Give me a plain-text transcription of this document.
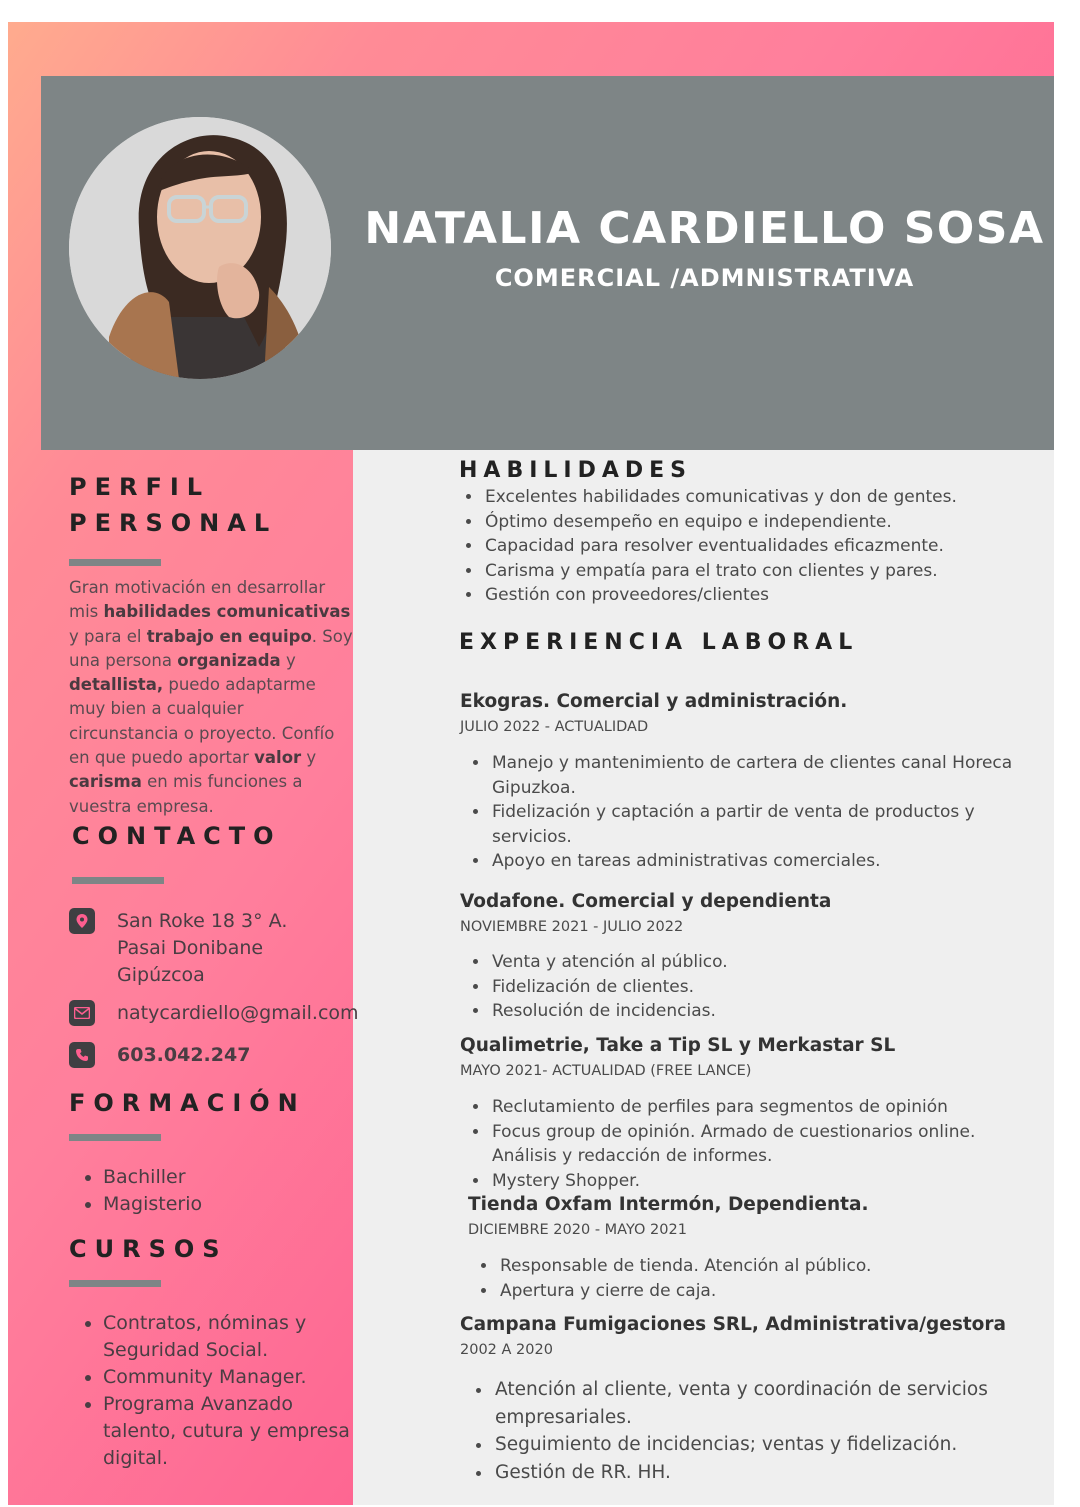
NATALIA CARDIELLO SOSA
COMERCIAL /ADMNISTRATIVA
PERFIL
PERSONAL
Gran motivación en desarrollar mis habilidades comunicativas y para el trabajo en equipo. Soy una persona organizada y detallista, puedo adaptarme muy bien a cualquier circunstancia o proyecto. Confío en que puedo aportar valor y carisma en mis funciones a vuestra empresa.
CONTACTO
San Roke 18 3° A.
Pasai Donibane
Gipúzcoa
natycardiello@gmail.com
603.042.247
FORMACIÓN
• Bachiller
• Magisterio
CURSOS
• Contratos, nóminas y Seguridad Social.
• Community Manager.
• Programa Avanzado talento, cutura y empresa digital.
HABILIDADES
• Excelentes habilidades comunicativas y don de gentes.
• Óptimo desempeño en equipo e independiente.
• Capacidad para resolver eventualidades eficazmente.
• Carisma y empatía para el trato con clientes y pares.
• Gestión con proveedores/clientes
EXPERIENCIA LABORAL
Ekogras. Comercial y administración.
JULIO 2022 - ACTUALIDAD
• Manejo y mantenimiento de cartera de clientes canal Horeca Gipuzkoa.
• Fidelización y captación a partir de venta de productos y servicios.
• Apoyo en tareas administrativas comerciales.
Vodafone. Comercial y dependienta
NOVIEMBRE 2021 - JULIO 2022
• Venta y atención al público.
• Fidelización de clientes.
• Resolución de incidencias.
Qualimetrie, Take a Tip SL y Merkastar SL
MAYO 2021- ACTUALIDAD (FREE LANCE)
• Reclutamiento de perfiles para segmentos de opinión
• Focus group de opinión. Armado de cuestionarios online. Análisis y redacción de informes.
• Mystery Shopper.
Tienda Oxfam Intermón, Dependienta.
DICIEMBRE 2020 - MAYO 2021
• Responsable de tienda. Atención al público.
• Apertura y cierre de caja.
Campana Fumigaciones SRL, Administrativa/gestora
2002 A 2020
• Atención al cliente, venta y coordinación de servicios empresariales.
• Seguimiento de incidencias; ventas y fidelización.
• Gestión de RR. HH.
